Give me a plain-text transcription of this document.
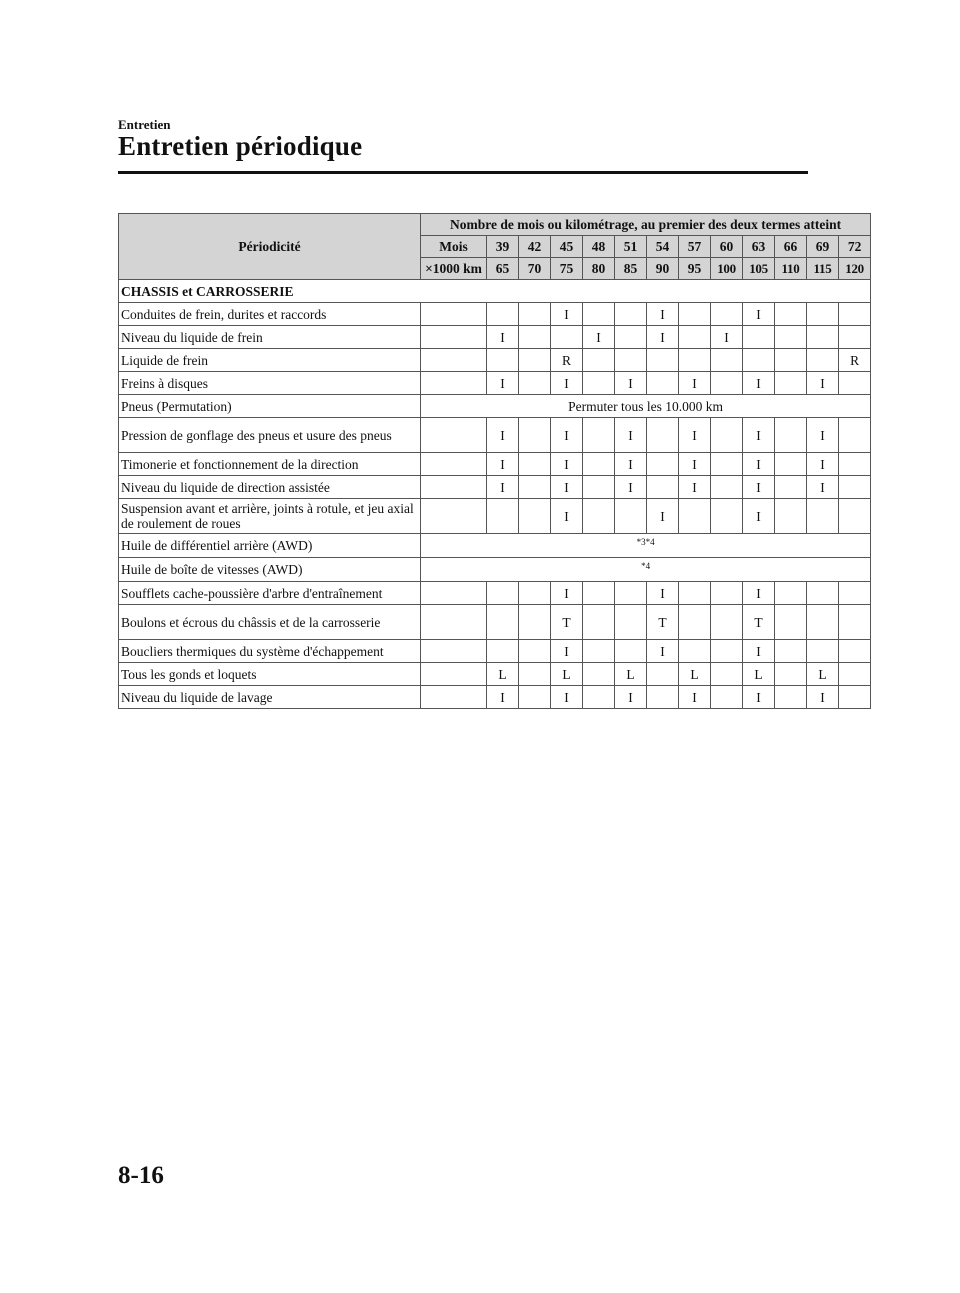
Entretien
Entretien périodique
Périodicité	Nombre de mois ou kilométrage, au premier des deux termes atteint												
	Mois	39	42	45	48	51	54	57	60	63	66	69	72
	×1000 km	65	70	75	80	85	90	95	100	105	110	115	120
CHASSIS et CARROSSERIE													
Conduites de frein, durites et raccords				I			I			I			
Niveau du liquide de frein		I			I		I		I				
Liquide de frein				R									R
Freins à disques		I		I		I		I		I		I	
Pneus (Permutation)	Permuter tous les 10.000 km												
Pression de gonflage des pneus et usure des pneus		I		I		I		I		I		I	
Timonerie et fonctionnement de la direction		I		I		I		I		I		I	
Niveau du liquide de direction assistée		I		I		I		I		I		I	
Suspension avant et arrière, joints à rotule, et jeu axial de roulement de roues				I			I			I			
Huile de différentiel arrière (AWD)	*3*4												
Huile de boîte de vitesses (AWD)	*4												
Soufflets cache-poussière d'arbre d'entraînement				I			I			I			
Boulons et écrous du châssis et de la carrosserie				T			T			T			
Boucliers thermiques du système d'échappement				I			I			I			
Tous les gonds et loquets		L		L		L		L		L		L	
Niveau du liquide de lavage		I		I		I		I		I		I	
8-16
